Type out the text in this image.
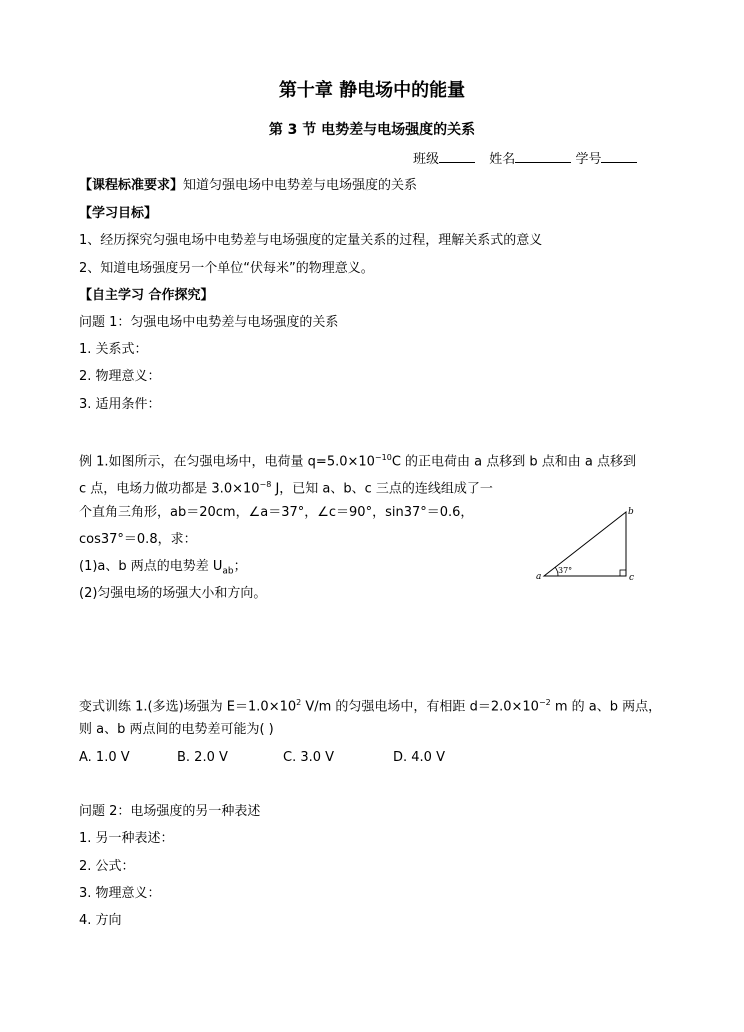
第十章 静电场中的能量
第 3 节 电势差与电场强度的关系
班级	姓名	学号
【课程标准要求】知道匀强电场中电势差与电场强度的关系
【学习目标】
1、经历探究匀强电场中电势差与电场强度的定量关系的过程，理解关系式的意义
2、知道电场强度另一个单位“伏每米”的物理意义。
【自主学习 合作探究】
问题 1：匀强电场中电势差与电场强度的关系
1. 关系式：
2. 物理意义：
3. 适用条件：
例 1.如图所示，在匀强电场中，电荷量 $q=5.0\times 10^{-10}C$ 的正电荷由 a 点移到 b 点和由 a 点移到
c 点，电场力做功都是 $3.0\times 10^{-8}$ J，已知 a、b、c 三点的连线组成了一
个直角三角形，ab＝20cm，∠a＝37°，∠c＝90°，sin37°＝0.6，
cos37°＝0.8，求：
(1)a、b 两点的电势差 $U_{ab}$；
(2)匀强电场的场强大小和方向。
37°
a
b
c
变式训练 1.(多选)场强为 $E=1.0\times 10^2$ V/m 的匀强电场中，有相距 $d=2.0\times 10^{-2}$ m 的 a、b 两点，
则 a、b 两点间的电势差可能为( )
A. 1.0 V	B. 2.0 V	C. 3.0 V	D. 4.0 V
问题 2：电场强度的另一种表述
1. 另一种表述：
2. 公式：
3. 物理意义：
4. 方向
